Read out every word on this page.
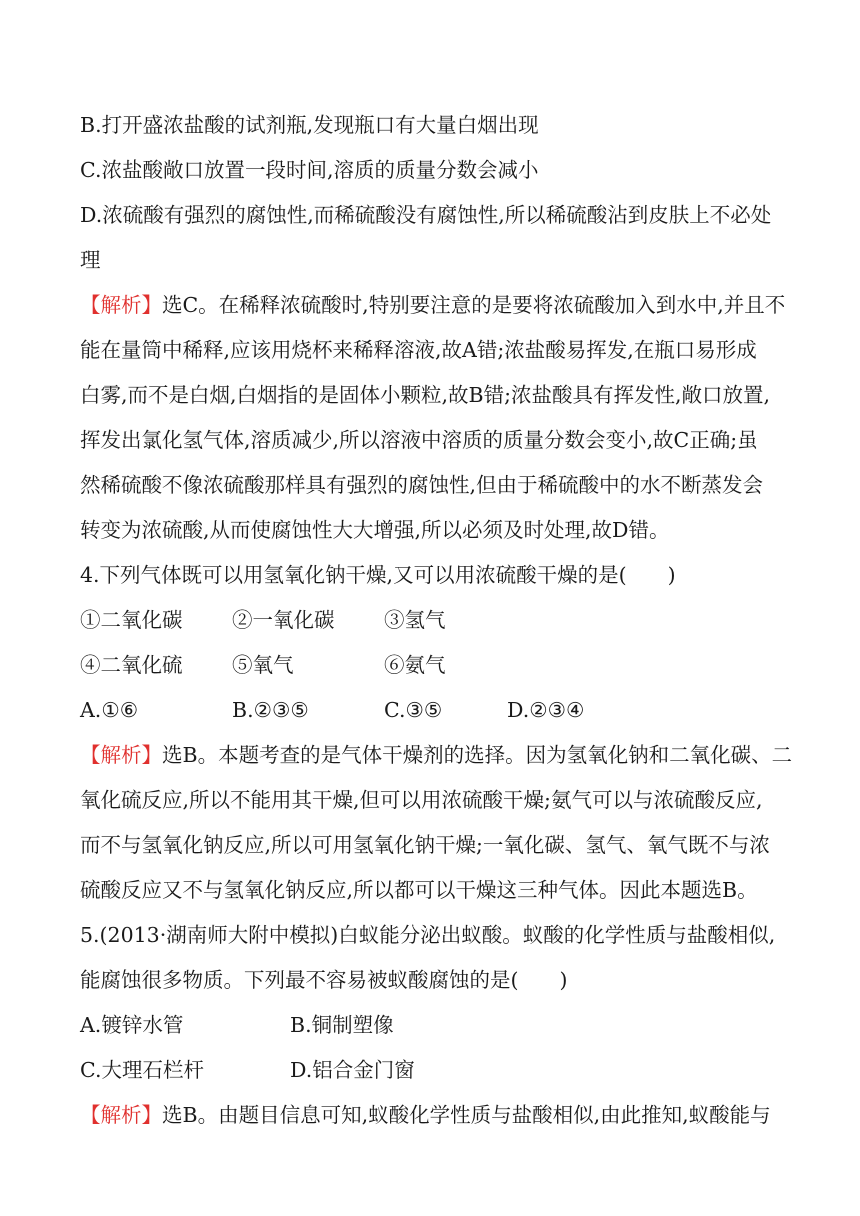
B.打开盛浓盐酸的试剂瓶,发现瓶口有大量白烟出现
C.浓盐酸敞口放置一段时间,溶质的质量分数会减小
D.浓硫酸有强烈的腐蚀性,而稀硫酸没有腐蚀性,所以稀硫酸沾到皮肤上不必处
理
【解析】选C。在稀释浓硫酸时,特别要注意的是要将浓硫酸加入到水中,并且不
能在量筒中稀释,应该用烧杯来稀释溶液,故A错;浓盐酸易挥发,在瓶口易形成
白雾,而不是白烟,白烟指的是固体小颗粒,故B错;浓盐酸具有挥发性,敞口放置,
挥发出氯化氢气体,溶质减少,所以溶液中溶质的质量分数会变小,故C正确;虽
然稀硫酸不像浓硫酸那样具有强烈的腐蚀性,但由于稀硫酸中的水不断蒸发会
转变为浓硫酸,从而使腐蚀性大大增强,所以必须及时处理,故D错。
4.下列气体既可以用氢氧化钠干燥,又可以用浓硫酸干燥的是(　　)
①二氧化碳 ②一氧化碳 ③氢气
④二氧化硫 ⑤氧气	⑥氨气
A.①⑥	B.②③⑤	C.③⑤	D.②③④
【解析】选B。本题考查的是气体干燥剂的选择。因为氢氧化钠和二氧化碳、二
氧化硫反应,所以不能用其干燥,但可以用浓硫酸干燥;氨气可以与浓硫酸反应,
而不与氢氧化钠反应,所以可用氢氧化钠干燥;一氧化碳、氢气、氧气既不与浓
硫酸反应又不与氢氧化钠反应,所以都可以干燥这三种气体。因此本题选B。
5.(2013·湖南师大附中模拟)白蚁能分泌出蚁酸。蚁酸的化学性质与盐酸相似,
能腐蚀很多物质。下列最不容易被蚁酸腐蚀的是(　　)
A.镀锌水管	B.铜制塑像
C.大理石栏杆	D.铝合金门窗
【解析】选B。由题目信息可知,蚁酸化学性质与盐酸相似,由此推知,蚁酸能与
